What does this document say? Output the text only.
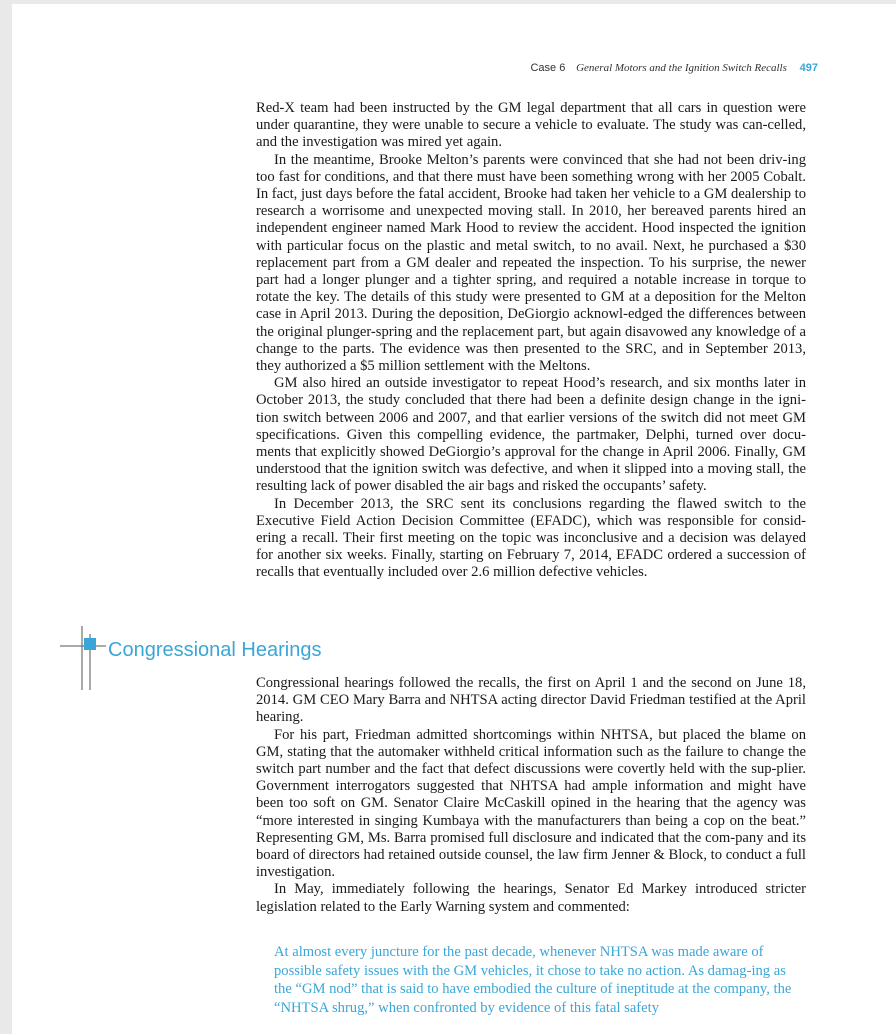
Case 6 General Motors and the Ignition Switch Recalls 497

Red-X team had been instructed by the GM legal department that all cars in question were under quarantine, they were unable to secure a vehicle to evaluate. The study was can-celled, and the investigation was mired yet again.

In the meantime, Brooke Melton’s parents were convinced that she had not been driv-ing too fast for conditions, and that there must have been something wrong with her 2005 Cobalt. In fact, just days before the fatal accident, Brooke had taken her vehicle to a GM dealership to research a worrisome and unexpected moving stall. In 2010, her bereaved parents hired an independent engineer named Mark Hood to review the accident. Hood inspected the ignition with particular focus on the plastic and metal switch, to no avail. Next, he purchased a $30 replacement part from a GM dealer and repeated the inspection. To his surprise, the newer part had a longer plunger and a tighter spring, and required a notable increase in torque to rotate the key. The details of this study were presented to GM at a deposition for the Melton case in April 2013. During the deposition, DeGiorgio acknowl-edged the differences between the original plunger-spring and the replacement part, but again disavowed any knowledge of a change to the parts. The evidence was then presented to the SRC, and in September 2013, they authorized a $5 million settlement with the Meltons.

GM also hired an outside investigator to repeat Hood’s research, and six months later in October 2013, the study concluded that there had been a definite design change in the igni-tion switch between 2006 and 2007, and that earlier versions of the switch did not meet GM specifications. Given this compelling evidence, the partmaker, Delphi, turned over docu-ments that explicitly showed DeGiorgio’s approval for the change in April 2006. Finally, GM understood that the ignition switch was defective, and when it slipped into a moving stall, the resulting lack of power disabled the air bags and risked the occupants’ safety.

In December 2013, the SRC sent its conclusions regarding the flawed switch to the Executive Field Action Decision Committee (EFADC), which was responsible for consid-ering a recall. Their first meeting on the topic was inconclusive and a decision was delayed for another six weeks. Finally, starting on February 7, 2014, EFADC ordered a succession of recalls that eventually included over 2.6 million defective vehicles.

Congressional Hearings

Congressional hearings followed the recalls, the first on April 1 and the second on June 18, 2014. GM CEO Mary Barra and NHTSA acting director David Friedman testified at the April hearing.

For his part, Friedman admitted shortcomings within NHTSA, but placed the blame on GM, stating that the automaker withheld critical information such as the failure to change the switch part number and the fact that defect discussions were covertly held with the sup-plier. Government interrogators suggested that NHTSA had ample information and might have been too soft on GM. Senator Claire McCaskill opined in the hearing that the agency was “more interested in singing Kumbaya with the manufacturers than being a cop on the beat.” Representing GM, Ms. Barra promised full disclosure and indicated that the com-pany and its board of directors had retained outside counsel, the law firm Jenner & Block, to conduct a full investigation.

In May, immediately following the hearings, Senator Ed Markey introduced stricter legislation related to the Early Warning system and commented:

At almost every juncture for the past decade, whenever NHTSA was made aware of possible safety issues with the GM vehicles, it chose to take no action. As damag-ing as the “GM nod” that is said to have embodied the culture of ineptitude at the company, the “NHTSA shrug,” when confronted by evidence of this fatal safety
